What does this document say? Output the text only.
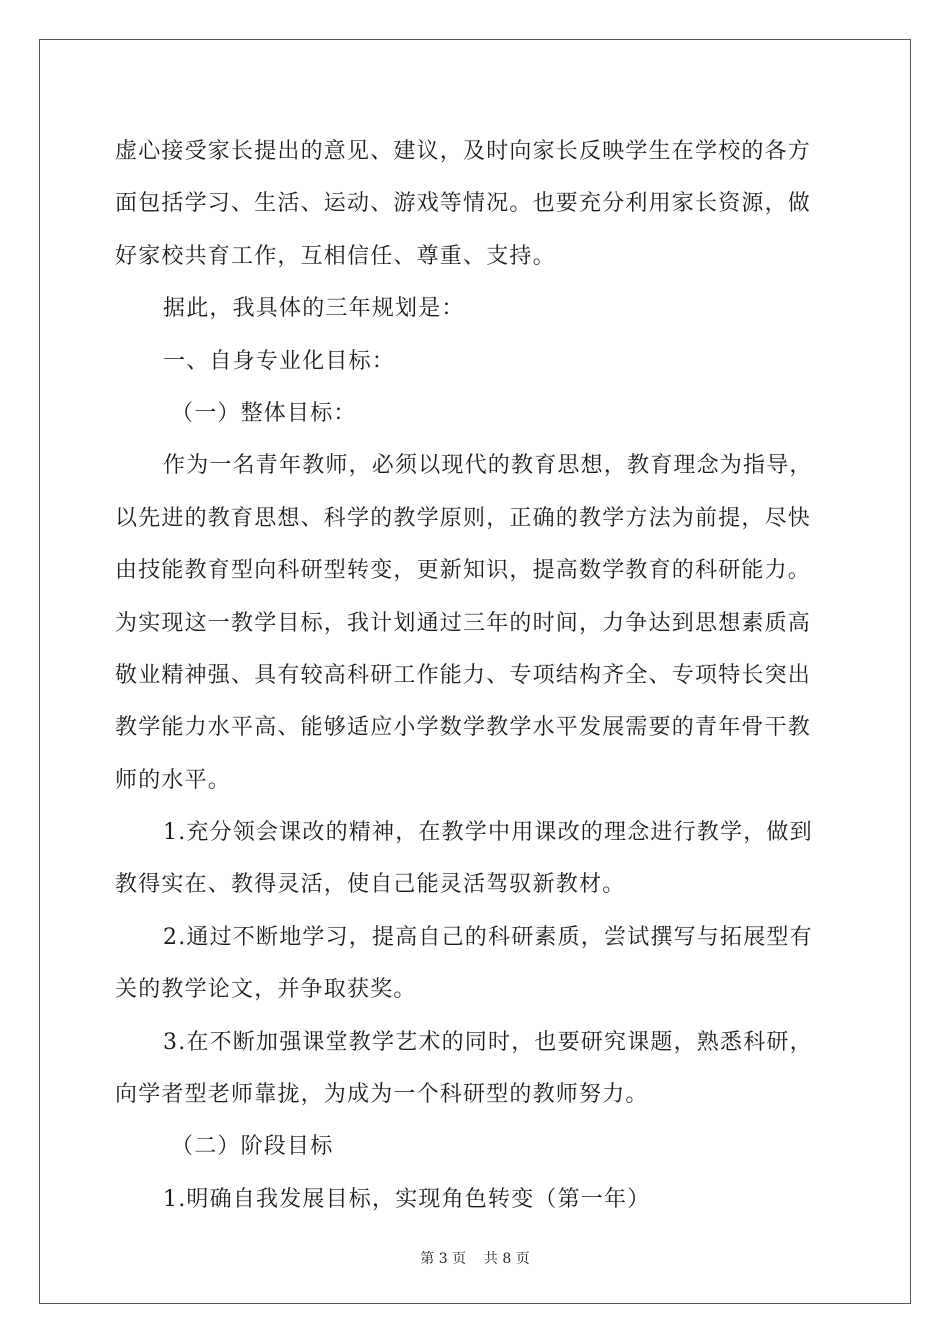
虚心接受家长提出的意见、建议，及时向家长反映学生在学校的各方
面包括学习、生活、运动、游戏等情况。也要充分利用家长资源，做
好家校共育工作，互相信任、尊重、支持。
据此，我具体的三年规划是：
一、自身专业化目标：
（一）整体目标：
作为一名青年教师，必须以现代的教育思想，教育理念为指导，
以先进的教育思想、科学的教学原则，正确的教学方法为前提，尽快
由技能教育型向科研型转变，更新知识，提高数学教育的科研能力。
为实现这一教学目标，我计划通过三年的时间，力争达到思想素质高
敬业精神强、具有较高科研工作能力、专项结构齐全、专项特长突出
教学能力水平高、能够适应小学数学教学水平发展需要的青年骨干教
师的水平。
1.充分领会课改的精神，在教学中用课改的理念进行教学，做到
教得实在、教得灵活，使自己能灵活驾驭新教材。
2.通过不断地学习，提高自己的科研素质，尝试撰写与拓展型有
关的教学论文，并争取获奖。
3.在不断加强课堂教学艺术的同时，也要研究课题，熟悉科研，
向学者型老师靠拢，为成为一个科研型的教师努力。
（二）阶段目标
1.明确自我发展目标，实现角色转变（第一年）
第 3 页    共 8 页
